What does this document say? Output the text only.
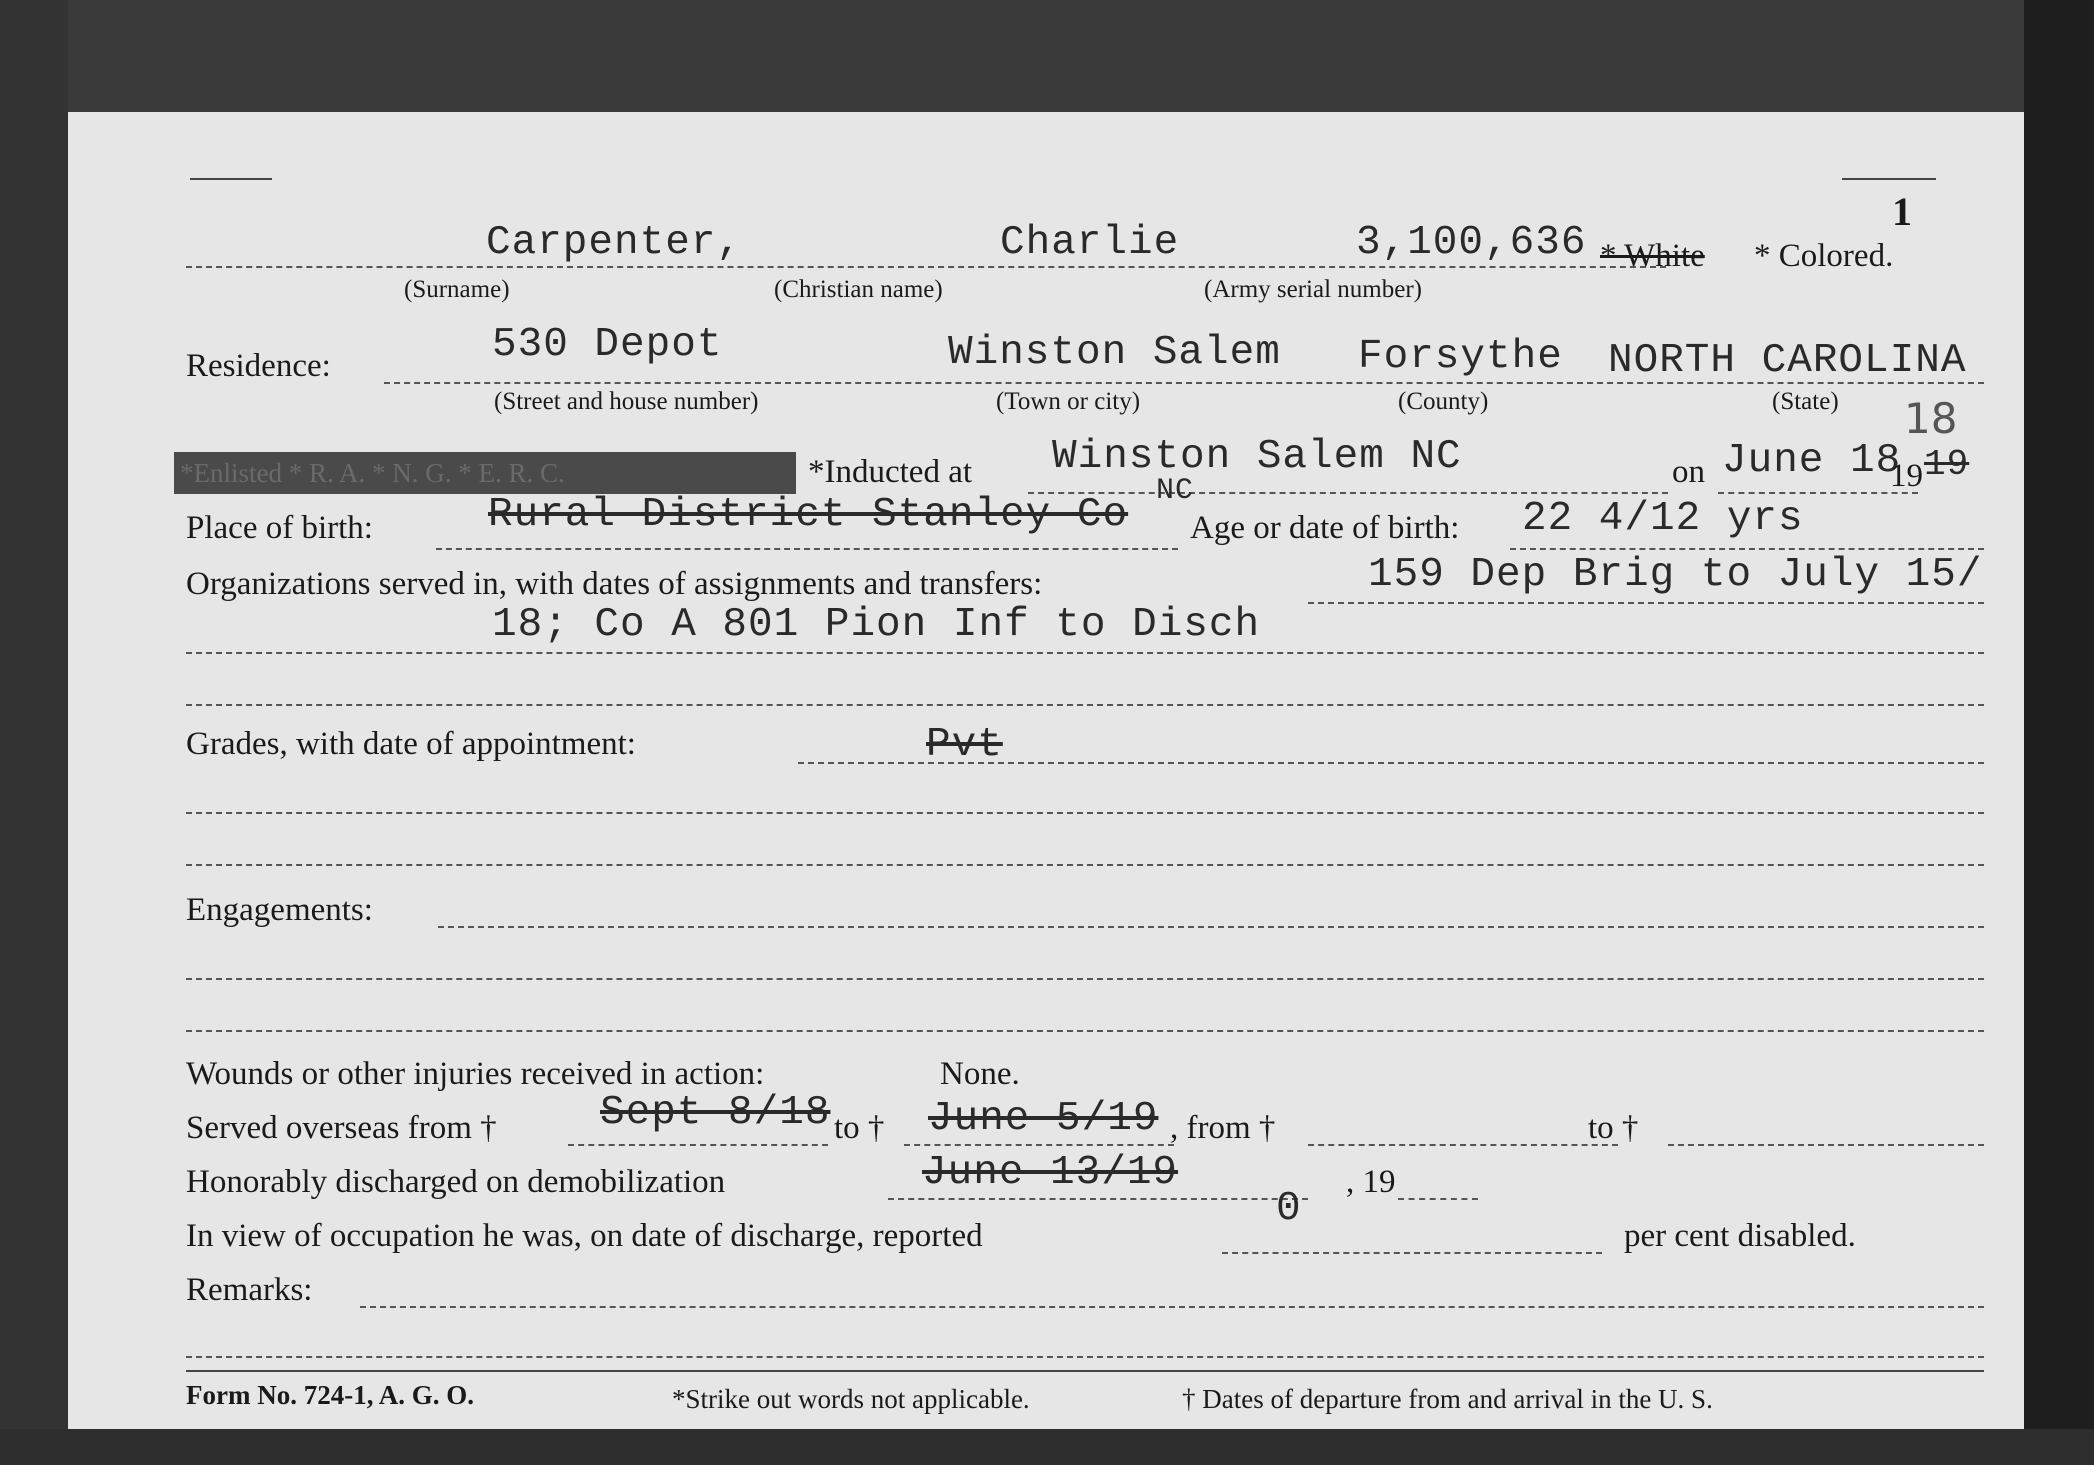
1
Carpenter,	Charlie	3,100,636 * White * Colored.
(Surname)	(Christian name)	(Army serial number)
Residence:	530 Depot	Winston Salem Forsythe NORTH CAROLINA
(Street and house number)	(Town or city)	(County)	(State)
*Enlisted * R. A. * N. G. * E. R. C.	*Inducted at Winston Salem NC	on June 18
19 19
18
Place of birth:	Rural District Stanley Co
NC
Age or date of birth: 22 4/12 yrs
Organizations served in, with dates of assignments and transfers:	159 Dep Brig to July 15/
18; Co A 801 Pion Inf to Disch
Grades, with date of appointment:	Pvt
Engagements:
Wounds or other injuries received in action:	None.
Served overseas from †	Sept 8/18 to † June 5/19 , from †	to †
Honorably discharged on demobilization	June 13/19	, 19
In view of occupation he was, on date of discharge, reported
0
per cent disabled.
Remarks:
Form No. 724-1, A. G. O.	*Strike out words not applicable.	† Dates of departure from and arrival in the U. S.
